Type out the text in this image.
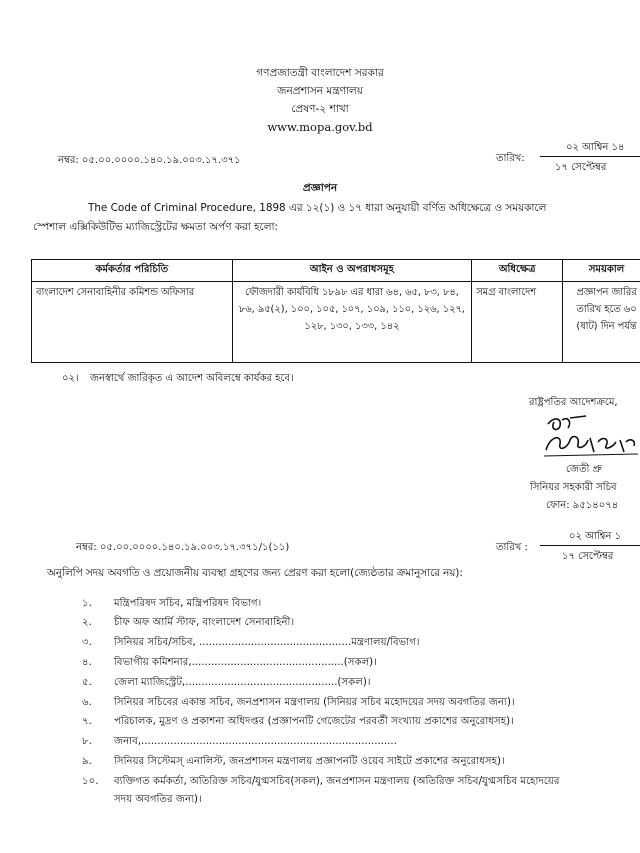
গণপ্রজাতন্ত্রী বাংলাদেশ সরকার
জনপ্রশাসন মন্ত্রণালয়
প্রেষণ-২ শাখা
www.mopa.gov.bd
নম্বর: ০৫.০০.০০০০.১৪০.১৯.০০৩.১৭.৩৭১	তারিখ:
০২ আশ্বিন ১৪
১৭ সেপ্টেম্বর
প্রজ্ঞাপন
The Code of Criminal Procedure, 1898 এর ১২(১) ও ১৭ ধারা অনুযায়ী বর্ণিত অধিক্ষেত্রে ও সময়কালে
স্পেশাল এক্সিকিউটিভ ম্যাজিস্ট্রেটের ক্ষমতা অর্পণ করা হলো:
কর্মকর্তার পরিচিতি	আইন ও অপরাধসমূহ	অধিক্ষেত্র	সময়কাল
বাংলাদেশ সেনাবাহিনীর কমিশন্ড অফিসার	ফৌজদারী কার্যবিধি ১৮৯৮ এর ধারা ৬৪, ৬৫, ৮৩, ৮৪, ৮৬, ৯৫(২), ১০০, ১০৫, ১০৭, ১০৯, ১১০, ১২৬, ১২৭, ১২৮, ১৩০, ১৩৩, ১৪২	সমগ্র বাংলাদেশ	প্রজ্ঞাপন জারির তারিখ হতে ৬০ (ষাট) দিন পর্যন্ত
০২। জনস্বার্থে জারিকৃত এ আদেশ অবিলম্বে কার্যকর হবে।
রাষ্ট্রপতির আদেশক্রমে,
জেতী প্রু
সিনিয়র সহকারী সচিব
ফোন: ৯৫১৪০৭৪
নম্বর: ০৫.০০.০০০০.১৪০.১৯.০০৩.১৭.৩৭১/১(১১)	তারিখ :
০২ আশ্বিন ১
১৭ সেপ্টেম্বর
অনুলিপি সদয় অবগতি ও প্রয়োজনীয় ব্যবস্থা গ্রহণের জন্য প্রেরণ করা হলো(জ্যেষ্ঠতার ক্রমানুসারে নয়):
১. মন্ত্রিপরিষদ সচিব, মন্ত্রিপরিষদ বিভাগ।
২. চীফ অফ আর্মি স্টাফ, বাংলাদেশ সেনাবাহিনী।
৩. সিনিয়র সচিব/সচিব, ...............................................মন্ত্রণালয়/বিভাগ।
৪. বিভাগীয় কমিশনার,...............................................(সকল)।
৫. জেলা ম্যাজিস্ট্রেট,...............................................(সকল)।
৬. সিনিয়র সচিবের একান্ত সচিব, জনপ্রশাসন মন্ত্রণালয় (সিনিয়র সচিব মহোদয়ের সদয় অবগতির জন্য)।
৭. পরিচালক, মুদ্রণ ও প্রকাশনা অধিদপ্তর (প্রজ্ঞাপনটি গেজেটের পরবর্তী সংখ্যায় প্রকাশের অনুরোধসহ)।
৮. জনাব,...............................................................................
৯. সিনিয়র সিস্টেমস্ এনালিস্ট, জনপ্রশাসন মন্ত্রণালয় প্রজ্ঞাপনটি ওয়েব সাইটে প্রকাশের অনুরোধসহ)।
১০. ব্যক্তিগত কর্মকর্তা, অতিরিক্ত সচিব/যুগ্মসচিব(সকল), জনপ্রশাসন মন্ত্রণালয় (অতিরিক্ত সচিব/যুগ্মসচিব মহোদয়ের
সদয় অবগতির জন্য)।
